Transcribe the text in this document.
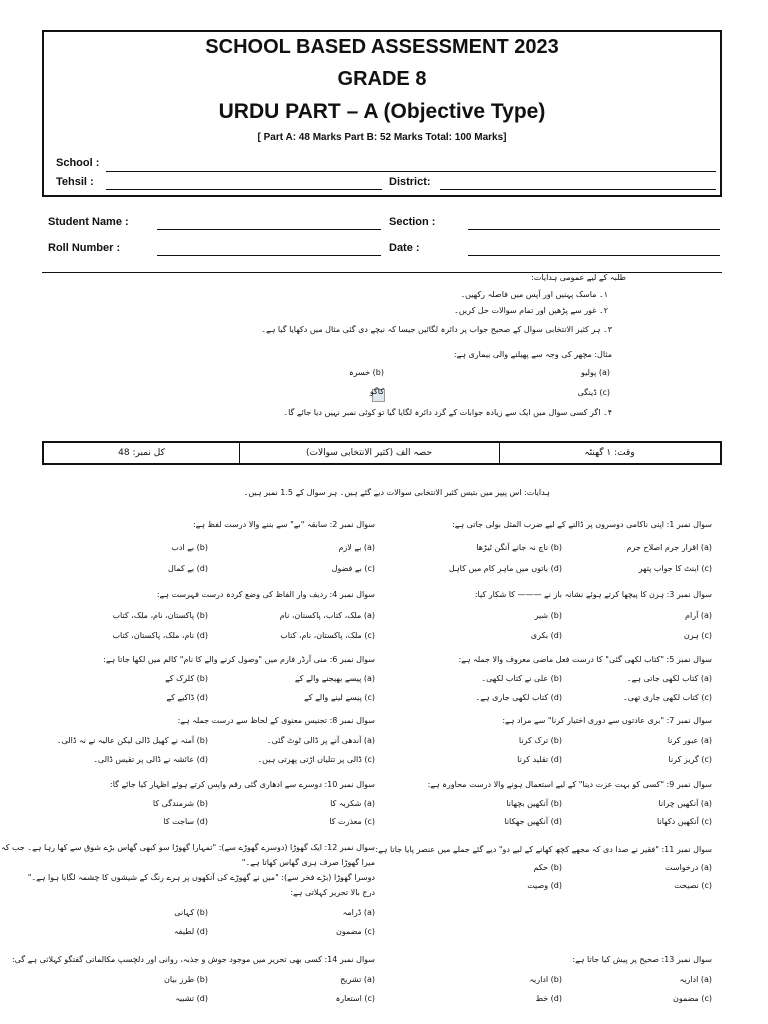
SCHOOL BASED ASSESSMENT 2023
GRADE 8
URDU PART – A (Objective Type)
[ Part A: 48 Marks Part B: 52 Marks Total: 100 Marks]
School :
Tehsil :	District:
Student Name :	Section :
Roll Number :	Date :
طلبہ کے لیے عمومی ہدایات:
۱۔ ماسک پہنیں اور آپس میں فاصلہ رکھیں۔
۲۔ غور سے پڑھیں اور تمام سوالات حل کریں۔
۳۔ ہر کثیر الانتخابی سوال کے صحیح جواب پر دائرہ لگائیں جیسا کہ نیچے دی گئی مثال میں دکھایا گیا ہے۔
مثال: مچھر کی وجہ سے پھیلنے والی بیماری ہے:
(a) پولیو
(b) خسرہ
(c) ڈینگی
کاگو
۴۔ اگر کسی سوال میں ایک سے زیادہ جوابات کے گرد دائرہ لگایا گیا تو کوئی نمبر نہیں دیا جائے گا۔
وقت: ۱ گھنٹہ
حصہ الف (کثیر الانتخابی سوالات)
کل نمبر: 48
ہدایات: اس پیپر میں بتیس کثیر الانتخابی سوالات دیے گئے ہیں۔ ہر سوال کے 1.5 نمبر ہیں۔
سوال نمبر 1: اپنی ناکامی دوسروں پر ڈالنے کے لیے ضرب المثل بولی جاتی ہے:
(a) اقرار جرم اصلاح جرم
(b) ناچ نہ جانے آنگن ٹیڑھا
(c) اینٹ کا جواب پتھر
(d) باتوں میں ماہر کام میں کاہل
سوال نمبر 3: ہرن کا پیچھا کرتے ہوئے نشانہ باز نے ——— کا شکار کیا:
(a) آرام
(b) شیر
(c) ہرن
(d) بکری
سوال نمبر 5: "کتاب لکھی گئی" کا درست فعل ماضی معروف والا جملہ ہے:
(a) کتاب لکھی جاتی ہے۔
(b) علی نے کتاب لکھی۔
(c) کتاب لکھی جاری تھی۔
(d) کتاب لکھی جاری ہے۔
سوال نمبر 7: "بری عادتوں سے دوری اختیار کرنا" سے مراد ہے:
(a) عبور کرنا
(b) ترک کرنا
(c) گریز کرنا
(d) تقلید کرنا
سوال نمبر 9: "کسی کو بہت عزت دینا" کے لیے استعمال ہونے والا درست محاورہ ہے:
(a) آنکھیں چرانا
(b) آنکھیں بچھانا
(c) آنکھیں دکھانا
(d) آنکھیں جھکانا
سوال نمبر 11: "فقیر نے صدا دی کہ مجھے کچھ کھانے کے لیے دو" دیے گئے جملے میں عنصر پایا جاتا ہے:
(a) درخواست
(b) حکم
(c) نصیحت
(d) وصیت
سوال نمبر 13: صحیح پر پیش کیا جاتا ہے:
(a) اداریہ
(b) اداریہ
(c) مضمون
(d) خط
سوال نمبر 2: سابقہ "بے" سے بننے والا درست لفظ ہے:
(a) بے لازم
(b) بے ادب
(c) بے فضول
(d) بے کمال
سوال نمبر 4: ردیف وار الفاظ کی وضع کردہ درست فہرست ہے:
(a) ملک، کتاب، پاکستان، نام
(b) پاکستان، نام، ملک، کتاب
(c) ملک، پاکستان، نام، کتاب
(d) نام، ملک، پاکستان، کتاب
سوال نمبر 6: منی آرڈر فارم میں "وصول کرنے والے کا نام" کالم میں لکھا جاتا ہے:
(a) پیسے بھیجنے والے کے
(b) کلرک کے
(c) پیسے لینے والے کے
(d) ڈاکیے کے
سوال نمبر 8: تجنیس معنوی کے لحاظ سے درست جملہ ہے:
(a) آندھی آنے پر ڈالی ٹوٹ گئی۔
(b) آمنہ نے کھیل ڈالی لیکن عالیہ نے نہ ڈالی۔
(c) ڈالی پر تتلیاں اڑتی پھرتی ہیں۔
(d) عائشہ نے ڈالی پر تقیس ڈالی۔
سوال نمبر 10: دوسرے سے ادھاری گئی رقم واپس کرتے ہوئے اظہار کیا جائے گا:
(a) شکریہ کا
(b) شرمندگی کا
(c) معذرت کا
(d) ساجت کا
سوال نمبر 12: ایک گھوڑا (دوسرے گھوڑے سے): "تمہارا گھوڑا سو کبھی گھاس بڑے شوق سے کھا رہا ہے۔ جب کہ
میرا گھوڑا صرف ہری گھاس کھاتا ہے۔"
دوسرا گھوڑا (بڑے فخر سے): "میں نے گھوڑے کی آنکھوں پر ہرے رنگ کے شیشوں کا چشمہ لگایا ہوا ہے۔"
درج بالا تحریر کہلاتی ہے:
(a) ڈرامہ
(b) کہانی
(c) مضمون
(d) لطیفہ
سوال نمبر 14: کسی بھی تحریر میں موجود جوش و جذبہ، روانی اور دلچسپ مکالماتی گفتگو کہلاتی ہے گی:
(a) تشریح
(b) طرز بیان
(c) استعارہ
(d) تشبیہ
